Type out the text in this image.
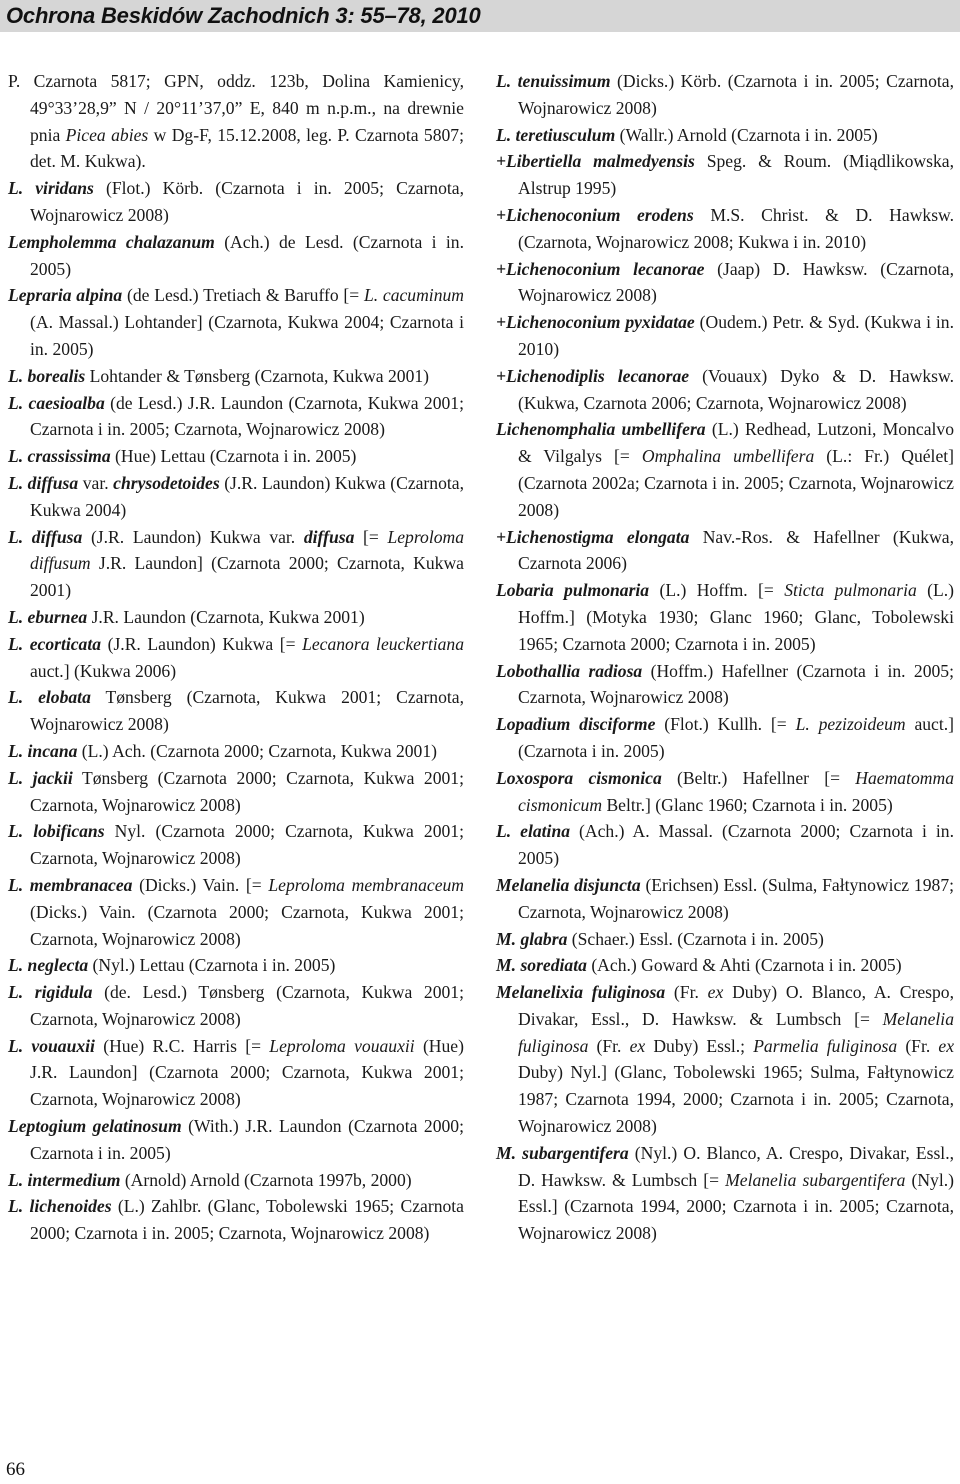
Ochrona Beskidów Zachodnich 3: 55–78, 2010

P. Czarnota 5817; GPN, oddz. 123b, Dolina Kamienicy, 49°33’28,9” N / 20°11’37,0” E, 840 m n.p.m., na drewnie pnia Picea abies w Dg-F, 15.12.2008, leg. P. Czarnota 5807; det. M. Kukwa).

L. viridans (Flot.) Körb. (Czarnota i in. 2005; Czarnota, Wojnarowicz 2008)

Lempholemma chalazanum (Ach.) de Lesd. (Czarnota i in. 2005)

Lepraria alpina (de Lesd.) Tretiach & Baruffo [= L. cacuminum (A. Massal.) Lohtander] (Czarnota, Kukwa 2004; Czarnota i in. 2005)

L. borealis Lohtander & Tønsberg (Czarnota, Kukwa 2001)

L. caesioalba (de Lesd.) J.R. Laundon (Czarnota, Kukwa 2001; Czarnota i in. 2005; Czarnota, Wojnarowicz 2008)

L. crassissima (Hue) Lettau (Czarnota i in. 2005)

L. diffusa var. chrysodetoides (J.R. Laundon) Kukwa (Czarnota, Kukwa 2004)

L. diffusa (J.R. Laundon) Kukwa var. diffusa [= Leproloma diffusum J.R. Laundon] (Czarnota 2000; Czarnota, Kukwa 2001)

L. eburnea J.R. Laundon (Czarnota, Kukwa 2001)

L. ecorticata (J.R. Laundon) Kukwa [= Lecanora leuckertiana auct.] (Kukwa 2006)

L. elobata Tønsberg (Czarnota, Kukwa 2001; Czarnota, Wojnarowicz 2008)

L. incana (L.) Ach. (Czarnota 2000; Czarnota, Kukwa 2001)

L. jackii Tønsberg (Czarnota 2000; Czarnota, Kukwa 2001; Czarnota, Wojnarowicz 2008)

L. lobificans Nyl. (Czarnota 2000; Czarnota, Kukwa 2001; Czarnota, Wojnarowicz 2008)

L. membranacea (Dicks.) Vain. [= Leproloma membranaceum (Dicks.) Vain. (Czarnota 2000; Czarnota, Kukwa 2001; Czarnota, Wojnarowicz 2008)

L. neglecta (Nyl.) Lettau (Czarnota i in. 2005)

L. rigidula (de. Lesd.) Tønsberg (Czarnota, Kukwa 2001; Czarnota, Wojnarowicz 2008)

L. vouauxii (Hue) R.C. Harris [= Leproloma vouauxii (Hue) J.R. Laundon] (Czarnota 2000; Czarnota, Kukwa 2001; Czarnota, Wojnarowicz 2008)

Leptogium gelatinosum (With.) J.R. Laundon (Czarnota 2000; Czarnota i in. 2005)

L. intermedium (Arnold) Arnold (Czarnota 1997b, 2000)

L. lichenoides (L.) Zahlbr. (Glanc, Tobolewski 1965; Czarnota 2000; Czarnota i in. 2005; Czarnota, Wojnarowicz 2008)

L. tenuissimum (Dicks.) Körb. (Czarnota i in. 2005; Czarnota, Wojnarowicz 2008)

L. teretiusculum (Wallr.) Arnold (Czarnota i in. 2005)

+Libertiella malmedyensis Speg. & Roum. (Miądlikowska, Alstrup 1995)

+Lichenoconium erodens M.S. Christ. & D. Hawksw. (Czarnota, Wojnarowicz 2008; Kukwa i in. 2010)

+Lichenoconium lecanorae (Jaap) D. Hawksw. (Czarnota, Wojnarowicz 2008)

+Lichenoconium pyxidatae (Oudem.) Petr. & Syd. (Kukwa i in. 2010)

+Lichenodiplis lecanorae (Vouaux) Dyko & D. Hawksw. (Kukwa, Czarnota 2006; Czarnota, Wojnarowicz 2008)

Lichenomphalia umbellifera (L.) Redhead, Lutzoni, Moncalvo & Vilgalys [= Omphalina umbellifera (L.: Fr.) Quélet] (Czarnota 2002a; Czarnota i in. 2005; Czarnota, Wojnarowicz 2008)

+Lichenostigma elongata Nav.-Ros. & Hafellner (Kukwa, Czarnota 2006)

Lobaria pulmonaria (L.) Hoffm. [= Sticta pulmonaria (L.) Hoffm.] (Motyka 1930; Glanc 1960; Glanc, Tobolewski 1965; Czarnota 2000; Czarnota i in. 2005)

Lobothallia radiosa (Hoffm.) Hafellner (Czarnota i in. 2005; Czarnota, Wojnarowicz 2008)

Lopadium disciforme (Flot.) Kullh. [= L. pezizoideum auct.] (Czarnota i in. 2005)

Loxospora cismonica (Beltr.) Hafellner [= Haematomma cismonicum Beltr.] (Glanc 1960; Czarnota i in. 2005)

L. elatina (Ach.) A. Massal. (Czarnota 2000; Czarnota i in. 2005)

Melanelia disjuncta (Erichsen) Essl. (Sulma, Fałtynowicz 1987; Czarnota, Wojnarowicz 2008)

M. glabra (Schaer.) Essl. (Czarnota i in. 2005)

M. sorediata (Ach.) Goward & Ahti (Czarnota i in. 2005)

Melanelixia fuliginosa (Fr. ex Duby) O. Blanco, A. Crespo, Divakar, Essl., D. Hawksw. & Lumbsch [= Melanelia fuliginosa (Fr. ex Duby) Essl.; Parmelia fuliginosa (Fr. ex Duby) Nyl.] (Glanc, Tobolewski 1965; Sulma, Fałtynowicz 1987; Czarnota 1994, 2000; Czarnota i in. 2005; Czarnota, Wojnarowicz 2008)

M. subargentifera (Nyl.) O. Blanco, A. Crespo, Divakar, Essl., D. Hawksw. & Lumbsch [= Melanelia subargentifera (Nyl.) Essl.] (Czarnota 1994, 2000; Czarnota i in. 2005; Czarnota, Wojnarowicz 2008)

66
